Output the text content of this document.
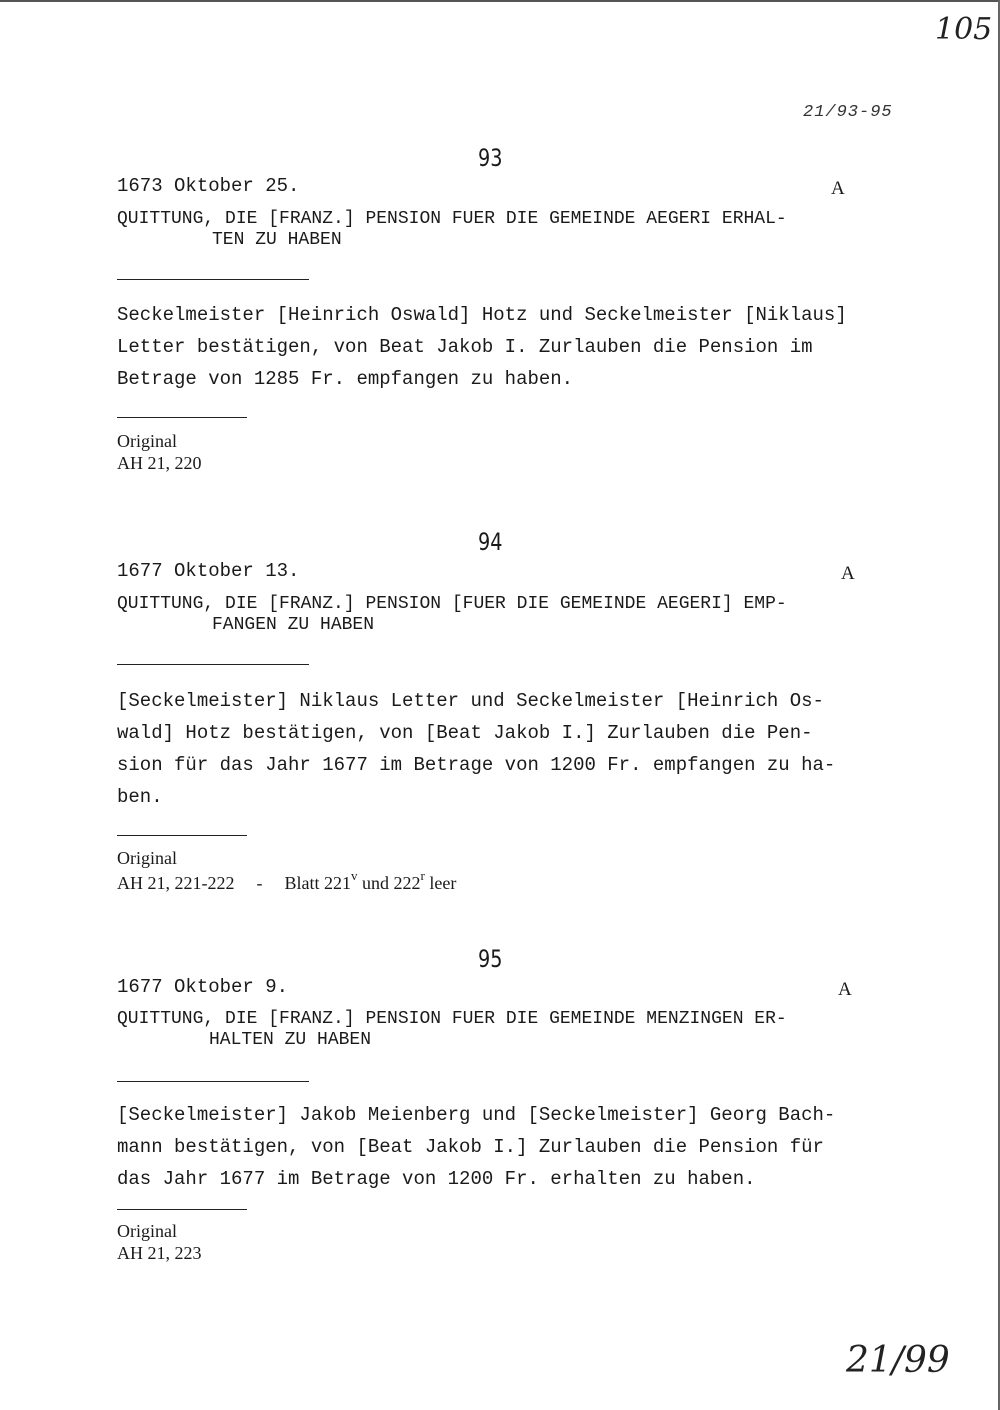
105
21/93-95
93
1673 Oktober 25.	A
QUITTUNG, DIE [FRANZ.] PENSION FUER DIE GEMEINDE AEGERI ERHAL-
TEN ZU HABEN
Seckelmeister [Heinrich Oswald] Hotz und Seckelmeister [Niklaus]
Letter bestätigen, von Beat Jakob I. Zurlauben die Pension im
Betrage von 1285 Fr. empfangen zu haben.
Original
AH 21, 220
94
1677 Oktober 13.	A
QUITTUNG, DIE [FRANZ.] PENSION [FUER DIE GEMEINDE AEGERI] EMP-
FANGEN ZU HABEN
[Seckelmeister] Niklaus Letter und Seckelmeister [Heinrich Os-
wald] Hotz bestätigen, von [Beat Jakob I.] Zurlauben die Pen-
sion für das Jahr 1677 im Betrage von 1200 Fr. empfangen zu ha-
ben.
Original
AH 21, 221-222 - Blatt 221$^v$ und 222$^r$ leer
95
1677 Oktober 9.	A
QUITTUNG, DIE [FRANZ.] PENSION FUER DIE GEMEINDE MENZINGEN ER-
HALTEN ZU HABEN
[Seckelmeister] Jakob Meienberg und [Seckelmeister] Georg Bach-
mann bestätigen, von [Beat Jakob I.] Zurlauben die Pension für
das Jahr 1677 im Betrage von 1200 Fr. erhalten zu haben.
Original
AH 21, 223
21/99
